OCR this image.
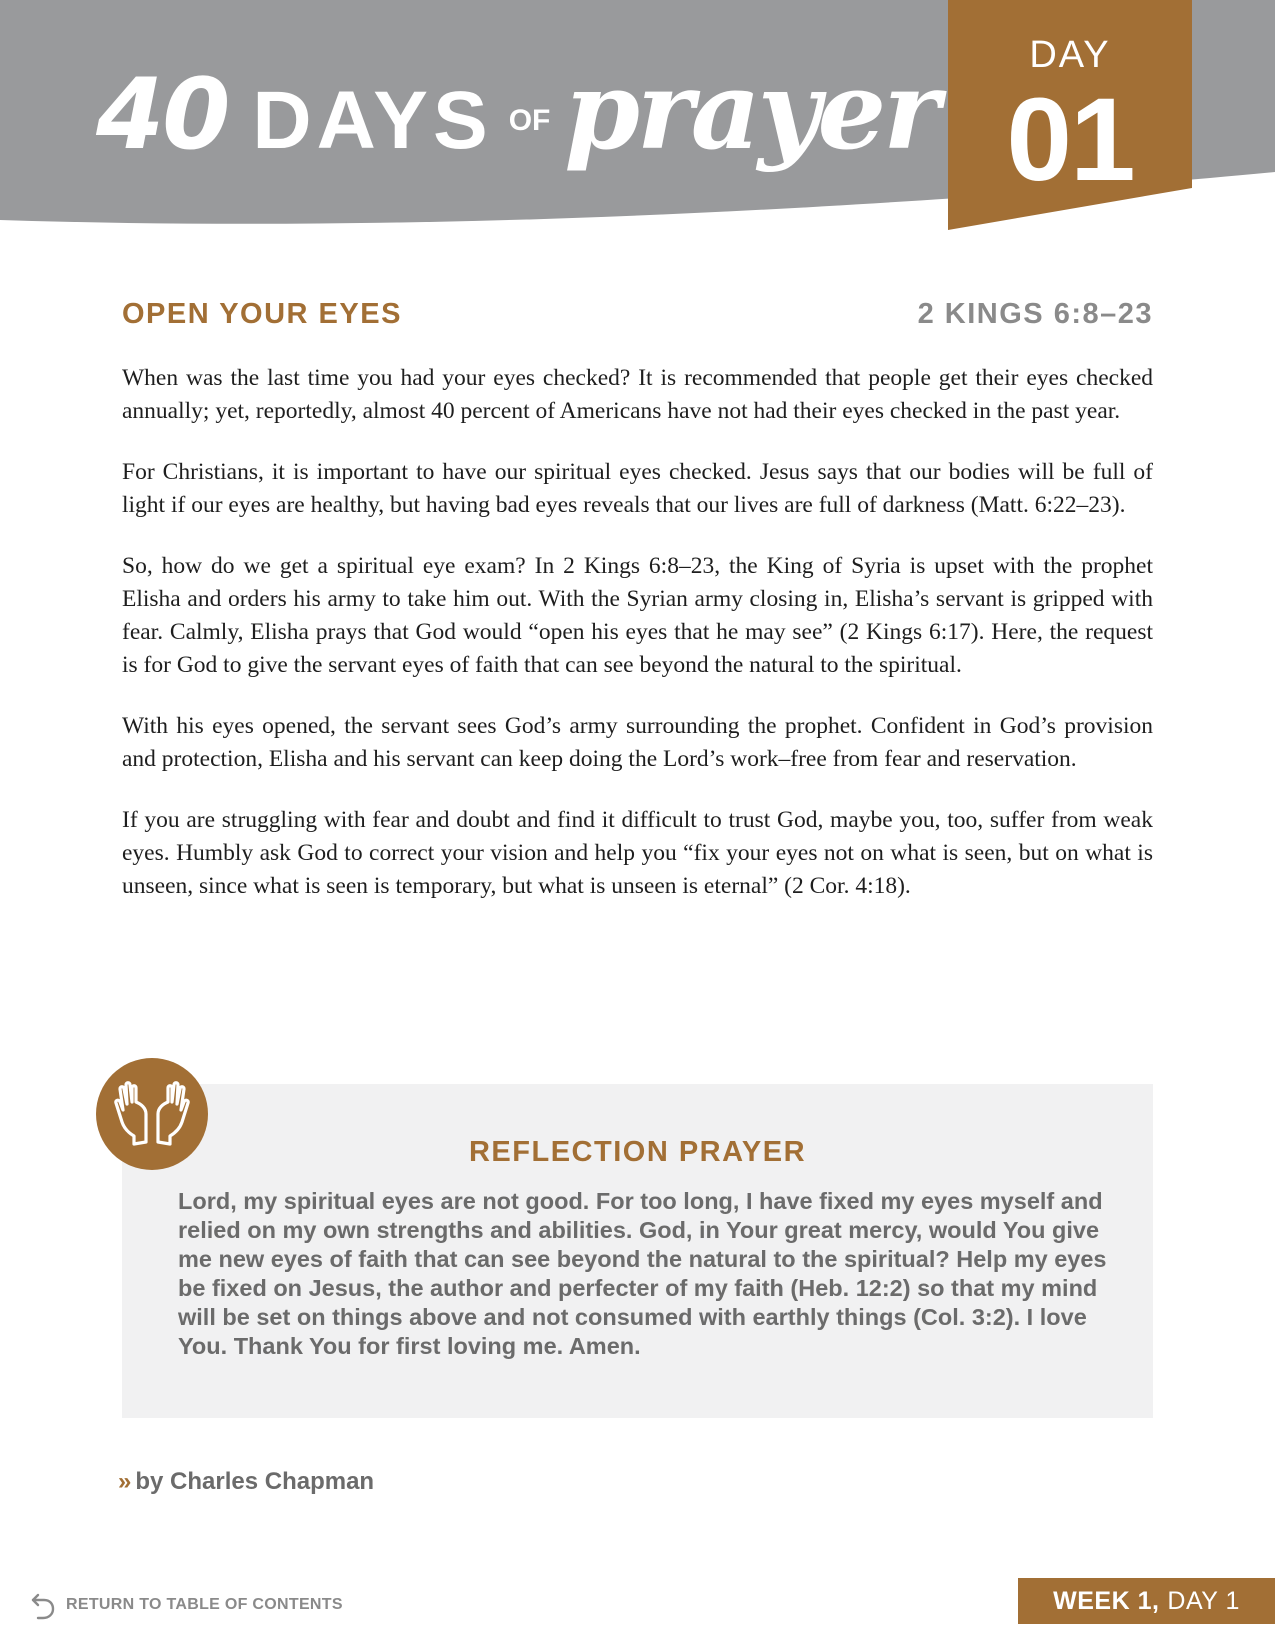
40 DAYS OF prayer	DAY
01
OPEN YOUR EYES	2 KINGS 6:8–23

When was the last time you had your eyes checked? It is recommended that people get their eyes checked annually; yet, reportedly, almost 40 percent of Americans have not had their eyes checked in the past year.

For Christians, it is important to have our spiritual eyes checked. Jesus says that our bodies will be full of light if our eyes are healthy, but having bad eyes reveals that our lives are full of darkness (Matt. 6:22–23).

So, how do we get a spiritual eye exam? In 2 Kings 6:8–23, the King of Syria is upset with the prophet Elisha and orders his army to take him out. With the Syrian army closing in, Elisha’s servant is gripped with fear. Calmly, Elisha prays that God would “open his eyes that he may see” (2 Kings 6:17). Here, the request is for God to give the servant eyes of faith that can see beyond the natural to the spiritual.

With his eyes opened, the servant sees God’s army surrounding the prophet. Confident in God’s provision and protection, Elisha and his servant can keep doing the Lord’s work–free from fear and reservation.

If you are struggling with fear and doubt and find it difficult to trust God, maybe you, too, suffer from weak eyes. Humbly ask God to correct your vision and help you “fix your eyes not on what is seen, but on what is unseen, since what is seen is temporary, but what is unseen is eternal” (2 Cor. 4:18).

REFLECTION PRAYER
Lord, my spiritual eyes are not good. For too long, I have fixed my eyes myself and relied on my own strengths and abilities. God, in Your great mercy, would You give me new eyes of faith that can see beyond the natural to the spiritual? Help my eyes be fixed on Jesus, the author and perfecter of my faith (Heb. 12:2) so that my mind will be set on things above and not consumed with earthly things (Col. 3:2). I love You. Thank You for first loving me. Amen.
» by Charles Chapman
RETURN TO TABLE OF CONTENTS	WEEK 1, DAY 1
